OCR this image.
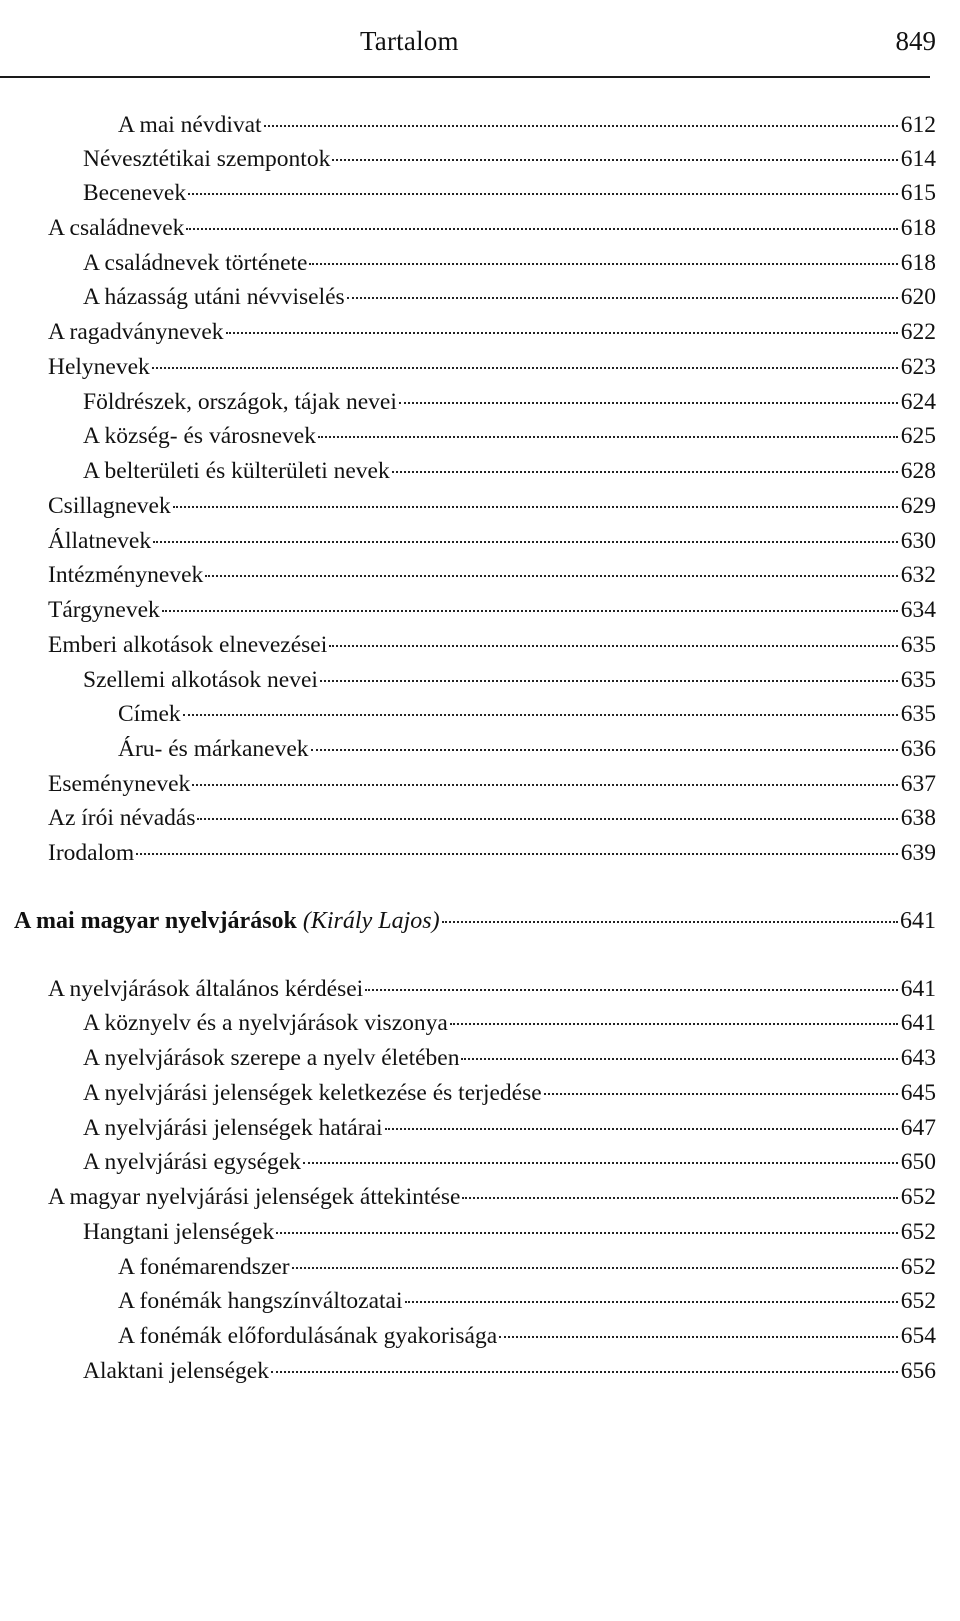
Tartalom	849
A mai névdivat	612
Névesztétikai szempontok	614
Becenevek	615
A családnevek	618
A családnevek története	618
A házasság utáni névviselés	620
A ragadványnevek	622
Helynevek	623
Földrészek, országok, tájak nevei	624
A község- és városnevek	625
A belterületi és külterületi nevek	628
Csillagnevek	629
Állatnevek	630
Intézménynevek	632
Tárgynevek	634
Emberi alkotások elnevezései	635
Szellemi alkotások nevei	635
Címek	635
Áru- és márkanevek	636
Eseménynevek	637
Az írói névadás	638
Irodalom	639
A mai magyar nyelvjárások (Király Lajos)	641
A nyelvjárások általános kérdései	641
A köznyelv és a nyelvjárások viszonya	641
A nyelvjárások szerepe a nyelv életében	643
A nyelvjárási jelenségek keletkezése és terjedése	645
A nyelvjárási jelenségek határai	647
A nyelvjárási egységek	650
A magyar nyelvjárási jelenségek áttekintése	652
Hangtani jelenségek	652
A fonémarendszer	652
A fonémák hangszínváltozatai	652
A fonémák előfordulásának gyakorisága	654
Alaktani jelenségek	656
